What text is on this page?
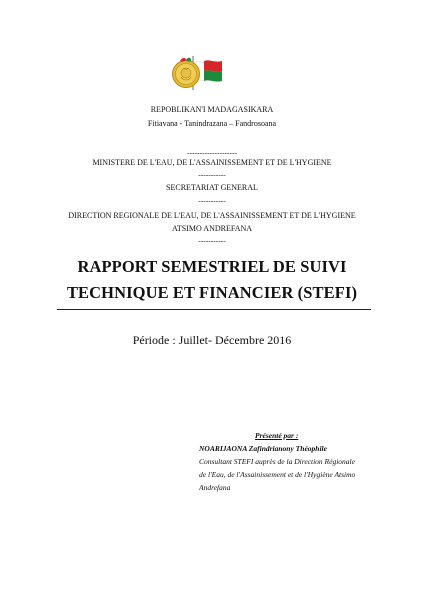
REPOBLIKAN'I MADAGASIKARA
Fitiavana - Tanindrazana – Fandrosoana
--------------------
MINISTERE DE L'EAU, DE L'ASSAINISSEMENT ET DE L'HYGIENE
-----------
SECRETARIAT GENERAL
-----------
DIRECTION REGIONALE DE L'EAU, DE L'ASSAINISSEMENT ET DE L'HYGIENE
ATSIMO ANDREFANA
-----------
RAPPORT SEMESTRIEL DE SUIVI
TECHNIQUE ET FINANCIER (STEFI)
Période : Juillet- Décembre 2016
Présenté par :
NOARIJAONA Zafindrianony Théophile
Consultant STEFI auprès de la Direction Régionale
de l'Eau, de l'Assainissement et de l'Hygiène Atsimo
Andrefana
